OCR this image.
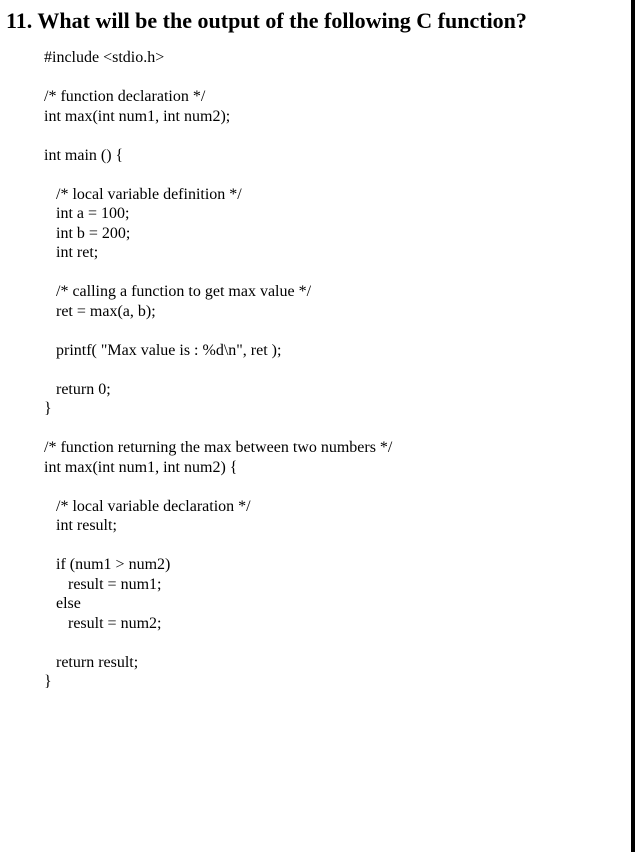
11. What will be the output of the following C function?
#include <stdio.h>
/* function declaration */
int max(int num1, int num2);
int main () {
/* local variable definition */
int a = 100;
int b = 200;
int ret;
/* calling a function to get max value */
ret = max(a, b);
printf( "Max value is : %d\n", ret );
return 0;
}
/* function returning the max between two numbers */
int max(int num1, int num2) {
/* local variable declaration */
int result;
if (num1 > num2)
result = num1;
else
result = num2;
return result;
}
